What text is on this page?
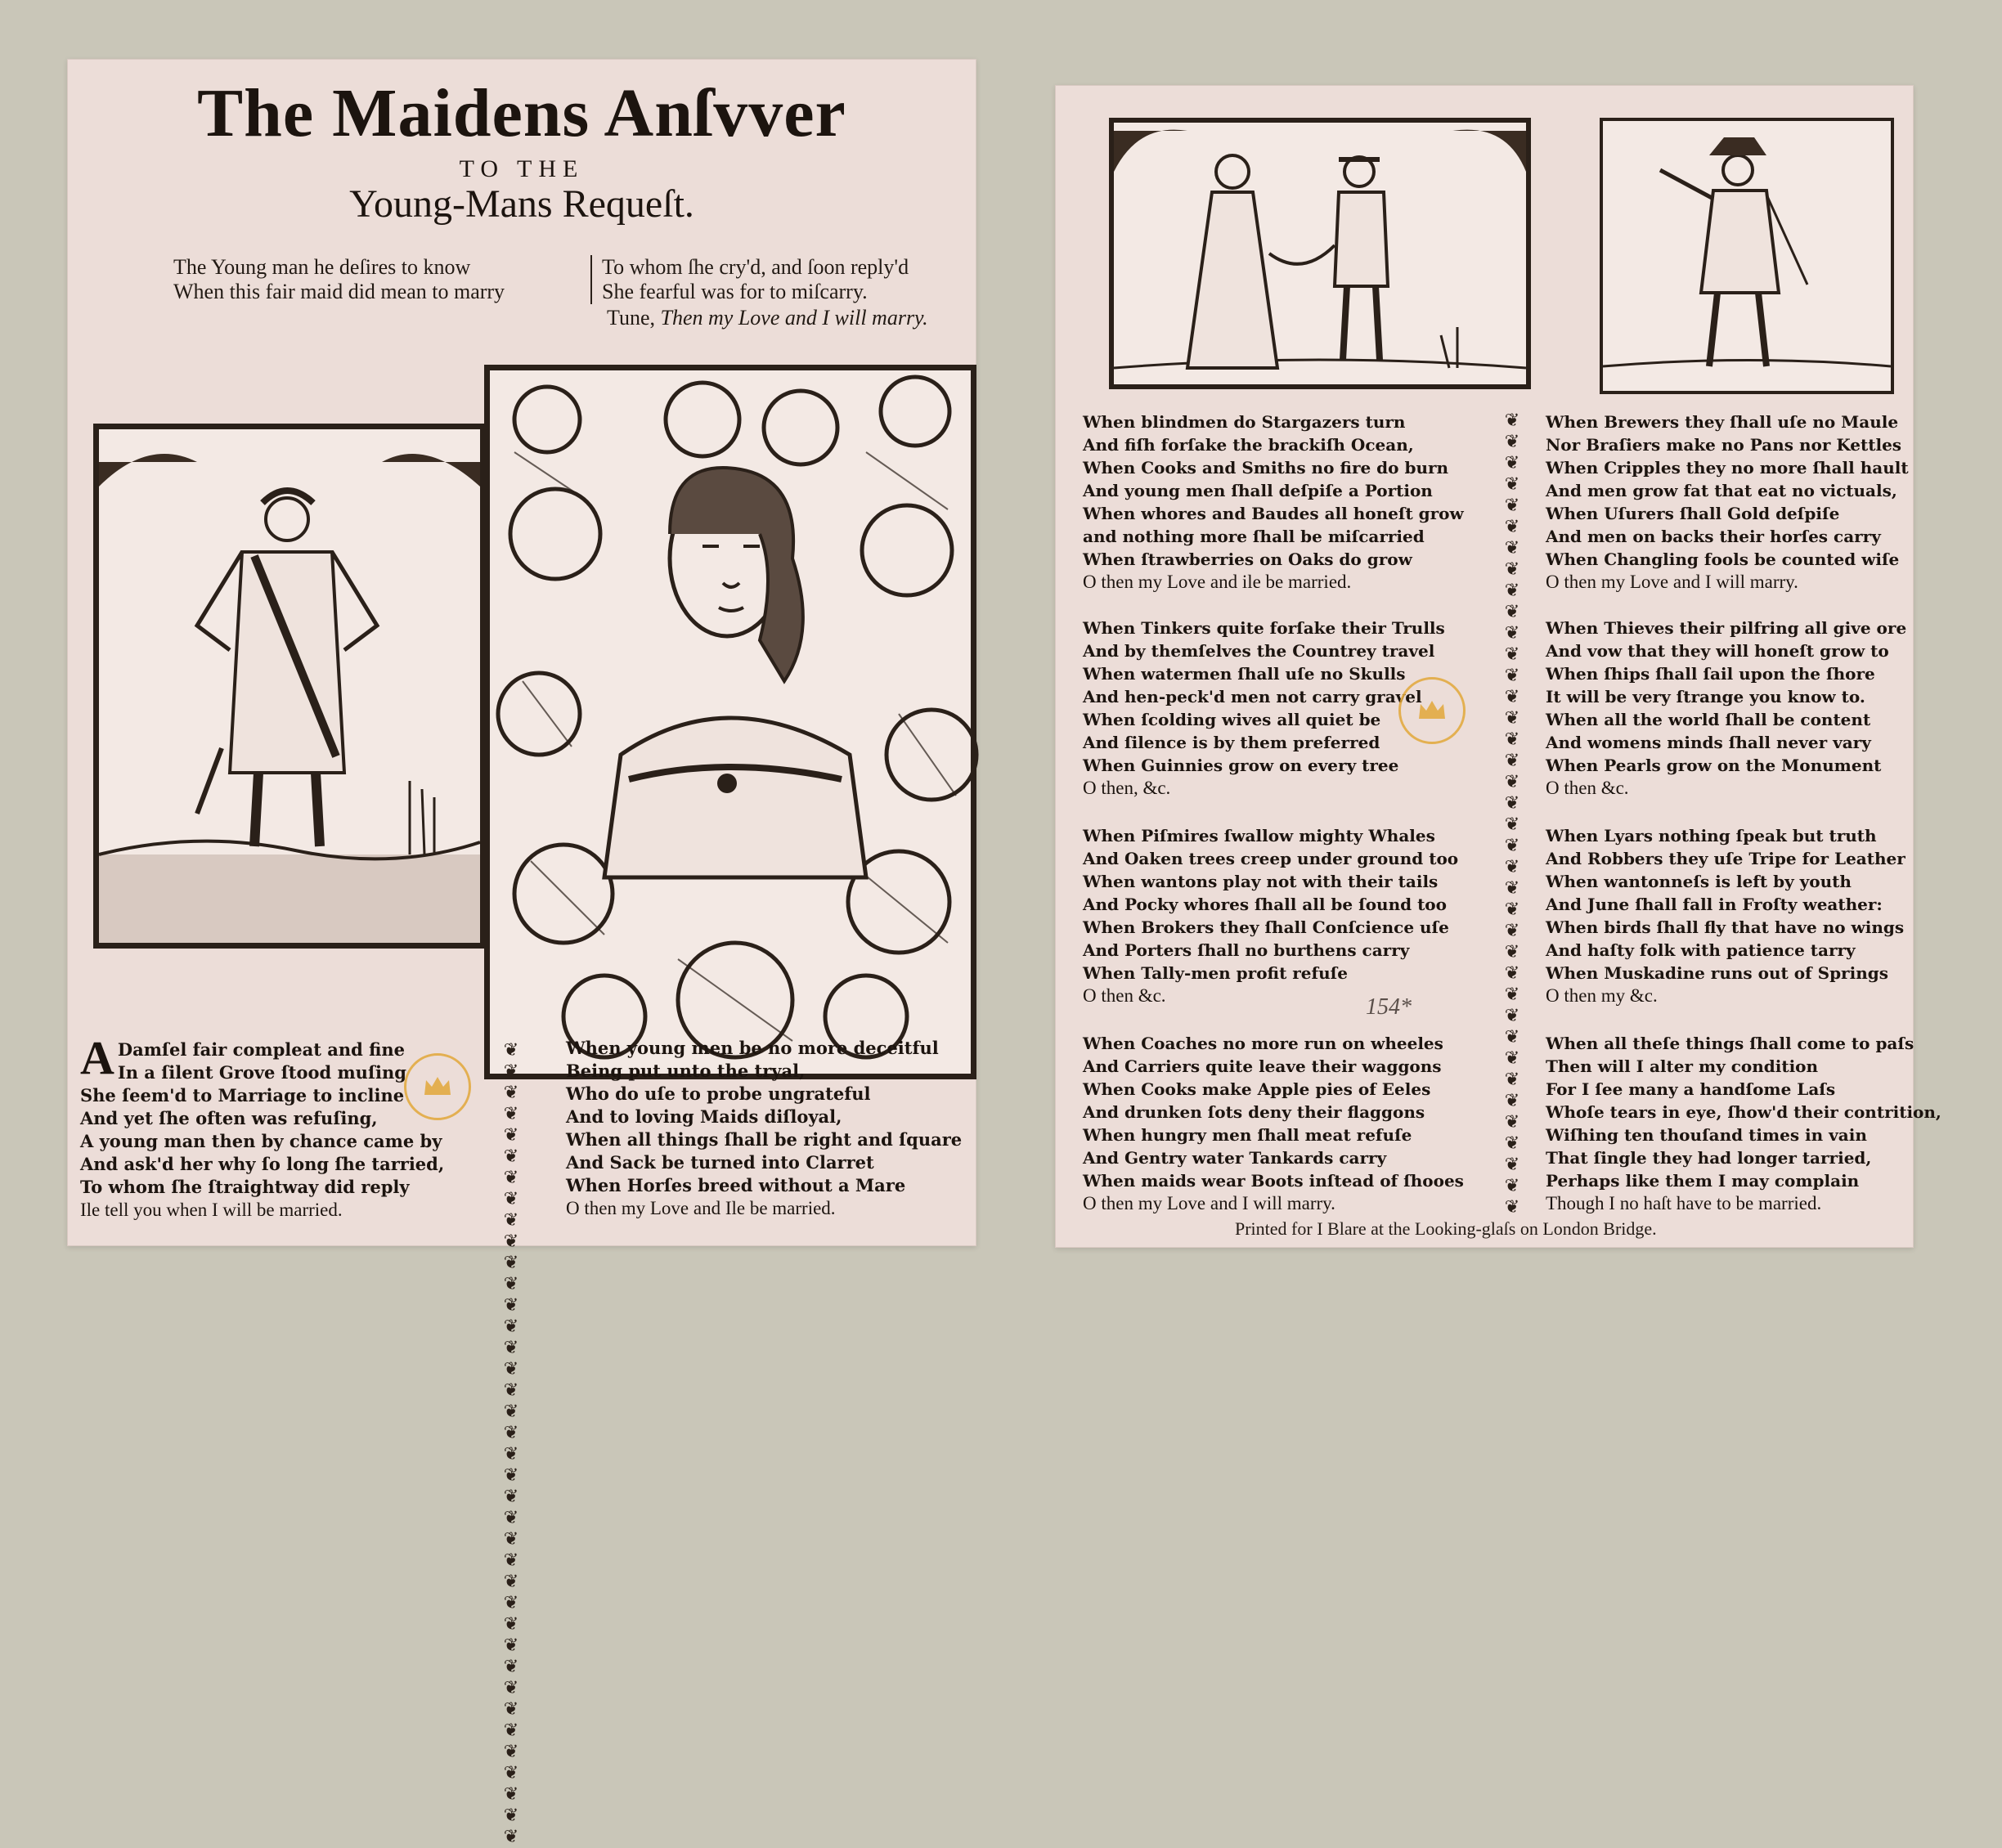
The Maidens Anſvver
TO THE
Young-Mans Requeſt.
The Young man he deſires to know
When this fair maid did mean to marry
To whom ſhe cry'd, and ſoon reply'd
She fearful was for to miſcarry.
Tune, Then my Love and I will marry.
A Damſel fair compleat and fine
In a ſilent Grove ſtood muſing
She ſeem'd to Marriage to incline
And yet ſhe often was refuſing,
A young man then by chance came by
And ask'd her why ſo long ſhe tarried,
To whom ſhe ſtraightway did reply
Ile tell you when I will be married.
❦❦❦❦❦❦❦❦❦❦❦❦❦❦❦❦❦❦❦❦❦❦❦❦❦❦❦❦❦❦❦❦❦❦❦❦❦❦
When young men be no more deceitful
Being put unto the tryal,
Who do uſe to probe ungrateful
And to loving Maids diſloyal,
When all things ſhall be right and ſquare
And Sack be turned into Clarret
When Horſes breed without a Mare
O then my Love and Ile be married.
When blindmen do Stargazers turn
And fiſh forſake the brackiſh Ocean,
When Cooks and Smiths no fire do burn
And young men ſhall deſpiſe a Portion
When whores and Baudes all honeſt grow
and nothing more ſhall be miſcarried
When ſtrawberries on Oaks do grow
O then my Love and ile be married.
When Tinkers quite forſake their Trulls
And by themſelves the Countrey travel
When watermen ſhall uſe no Skulls
And hen-peck'd men not carry gravel
When ſcolding wives all quiet be
And ſilence is by them preferred
When Guinnies grow on every tree
O then, &c.
When Piſmires ſwallow mighty Whales
And Oaken trees creep under ground too
When wantons play not with their tails
And Pocky whores ſhall all be ſound too
When Brokers they ſhall Conſcience uſe
And Porters ſhall no burthens carry
When Tally-men profit refuſe
O then &c.
When Coaches no more run on wheeles
And Carriers quite leave their waggons
When Cooks make Apple pies of Eeles
And drunken ſots deny their flaggons
When hungry men ſhall meat refuſe
And Gentry water Tankards carry
When maids wear Boots inſtead of ſhooes
O then my Love and I will marry.
❦❦❦❦❦❦❦❦❦❦❦❦❦❦❦❦❦❦❦❦❦❦❦❦❦❦❦❦❦❦❦❦❦❦❦❦❦❦
When Brewers they ſhall uſe no Maule
Nor Braſiers make no Pans nor Kettles
When Cripples they no more ſhall hault
And men grow fat that eat no victuals,
When Uſurers ſhall Gold deſpiſe
And men on backs their horſes carry
When Changling fools be counted wiſe
O then my Love and I will marry.
When Thieves their pilfring all give ore
And vow that they will honeſt grow to
When ſhips ſhall ſail upon the ſhore
It will be very ſtrange you know to.
When all the world ſhall be content
And womens minds ſhall never vary
When Pearls grow on the Monument
O then &c.
When Lyars nothing ſpeak but truth
And Robbers they uſe Tripe for Leather
When wantonneſs is left by youth
And June ſhall fall in Froſty weather:
When birds ſhall fly that have no wings
And haſty folk with patience tarry
When Muskadine runs out of Springs
O then my &c.
When all theſe things ſhall come to paſs
Then will I alter my condition
For I ſee many a handſome Laſs
Whoſe tears in eye, ſhow'd their contrition,
Wiſhing ten thouſand times in vain
That ſingle they had longer tarried,
Perhaps like them I may complain
Though I no haſt have to be married.
154*
Printed for I Blare at the Looking-glaſs on London Bridge.
